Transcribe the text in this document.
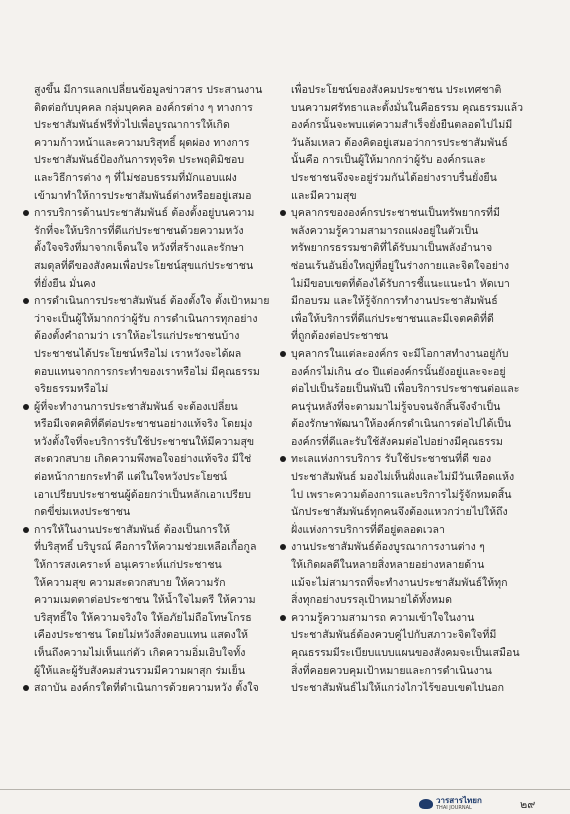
สูงขึ้น มีการแลกเปลี่ยนข้อมูลข่าวสาร ประสานงาน
ติดต่อกับบุคคล กลุ่มบุคคล องค์กรต่าง ๆ ทางการ
ประชาสัมพันธ์ฟรีทั่วไปเพื่อบูรณาการให้เกิด
ความก้าวหน้าและความบริสุทธิ์ ผุดผ่อง ทางการ
ประชาสัมพันธ์ป้องกันการทุจริต ประพฤติมิชอบ
และวิธีการต่าง ๆ ที่ไม่ชอบธรรมที่มักแอบแฝง
เข้ามาทำให้การประชาสัมพันธ์ต่างหรือยอยู่เสมอ
การบริการด้านประชาสัมพันธ์ ต้องตั้งอยู่บนความ
รักที่จะให้บริการที่ดีแก่ประชาชนด้วยความหวัง
ตั้งใจจริงที่มาจากเจ็ดนใจ หวังที่สร้างและรักษา
สมดุลที่ดีของสังคมเพื่อประโยชน์สุขแก่ประชาชน
ที่ยั่งยืน มั่นคง
การดำเนินการประชาสัมพันธ์ ต้องตั้งใจ ตั้งเป้าหมาย
ว่าจะเป็นผู้ให้มากกว่าผู้รับ การดำเนินการทุกอย่าง
ต้องตั้งคำถามว่า เราให้อะไรแก่ประชาชนบ้าง
ประชาชนได้ประโยชน์หรือไม่ เราหวังจะได้ผล
ตอบแทนจากการกระทำของเราหรือไม่ มีคุณธรรม
จริยธรรมหรือไม่
ผู้ที่จะทำงานการประชาสัมพันธ์ จะต้องเปลี่ยน
หรือมีเจตคติที่ดีต่อประชาชนอย่างแท้จริง โดยมุ่ง
หวังตั้งใจที่จะบริการรับใช้ประชาชนให้มีความสุข
สะดวกสบาย เกิดความพึงพอใจอย่างแท้จริง มีใช่
ต่อหน้ากายกระทำดี แต่ในใจหวังประโยชน์
เอาเปรียบประชาชนผู้ด้อยกว่าเป็นหลักเอาเปรียบ
กดขี่ข่มเหงประชาชน
การให้ในงานประชาสัมพันธ์ ต้องเป็นการให้
ที่บริสุทธิ์ บริบูรณ์ คือการให้ความช่วยเหลือเกื้อกูล
ให้การสงเคราะห์ อนุเคราะห์แก่ประชาชน
ให้ความสุข ความสะดวกสบาย ให้ความรัก
ความเมตตาต่อประชาชน ให้น้ำใจไมตรี ให้ความ
บริสุทธิ์ใจ ให้ความจริงใจ ให้อภัยไม่ถือโทษโกรธ
เคืองประชาชน โดยไม่หวังสิ่งตอบแทน แสดงให้
เห็นถึงความไม่เห็นแก่ตัว เกิดความอิ่มเอิบใจทั้ง
ผู้ให้และผู้รับสังคมส่วนรวมมีความผาสุก ร่มเย็น
สถาบัน องค์กรใดที่ดำเนินการด้วยความหวัง ตั้งใจ
เพื่อประโยชน์ของสังคมประชาชน ประเทศชาติ
บนความศรัทธาและตั้งมั่นในคือธรรม คุณธรรมแล้ว
องค์กรนั้นจะพบแต่ความสำเร็จยั่งยืนตลอดไปไม่มี
วันล้มเหลว ต้องคิดอยู่เสมอว่าการประชาสัมพันธ์
นั้นคือ การเป็นผู้ให้มากกว่าผู้รับ องค์กรและ
ประชาชนจึงจะอยู่ร่วมกันได้อย่างราบรื่นยั่งยืน
และมีความสุข
บุคลากรขององค์กรประชาชนเป็นทรัพยากรที่มี
พลังความรู้ความสามารถแฝงอยู่ในตัวเป็น
ทรัพยากรธรรมชาติที่ได้รับมาเป็นพลังอำนาจ
ซ่อนเร้นอันยิ่งใหญ่ที่อยู่ในร่างกายและจิตใจอย่าง
ไม่มีขอบเขตที่ต้องได้รับการชี้แนะแนะนำ หัดเบา
มีกอบรม และให้รู้จักการทำงานประชาสัมพันธ์
เพื่อให้บริการที่ดีแก่ประชาชนและมีเจตคติที่ดี
ที่ถูกต้องต่อประชาชน
บุคลากรในแต่ละองค์กร จะมีโอกาสทำงานอยู่กับ
องค์กรไม่เกิน ๔๐ ปีแต่องค์กรนั้นยังอยู่และจะอยู่
ต่อไปเป็นร้อยเป็นพันปี เพื่อบริการประชาชนต่อและ
คนรุ่นหลังที่จะตามมาไม่รู้จบจนจักสิ้นจึงจำเป็น
ต้องรักษาพัฒนาให้องค์กรดำเนินการต่อไปได้เป็น
องค์กรที่ดีและรับใช้สังคมต่อไปอย่างมีคุณธรรม
ทะเลแห่งการบริการ รับใช้ประชาชนที่ดี ของ
ประชาสัมพันธ์ มองไม่เห็นฝั่งและไม่มีวันเหือดแห้ง
ไป เพราะความต้องการและบริการไม่รู้จักหมดสิ้น
นักประชาสัมพันธ์ทุกคนจึงต้องแหวกว่ายไปให้ถึง
ฝั่งแห่งการบริการที่ดีอยู่ตลอดเวลา
งานประชาสัมพันธ์ต้องบูรณาการงานต่าง ๆ
ให้เกิดผลดีในหลายสิ่งหลายอย่างหลายด้าน
แม้จะไม่สามารถที่จะทำงานประชาสัมพันธ์ให้ทุก
สิ่งทุกอย่างบรรลุเป้าหมายได้ทั้งหมด
ความรู้ความสามารถ ความเข้าใจในงาน
ประชาสัมพันธ์ต้องควบคู่ไปกับสภาวะจิตใจที่มี
คุณธรรมมีระเบียบแบบแผนของสังคมจะเป็นเสมือน
สิ่งที่คอยควบคุมเป้าหมายและการดำเนินงาน
ประชาสัมพันธ์ไม่ให้แกว่งไกวไร้ขอบเขตไปนอก
วารสารไทยก
THAI JOURNAL	๒๙
